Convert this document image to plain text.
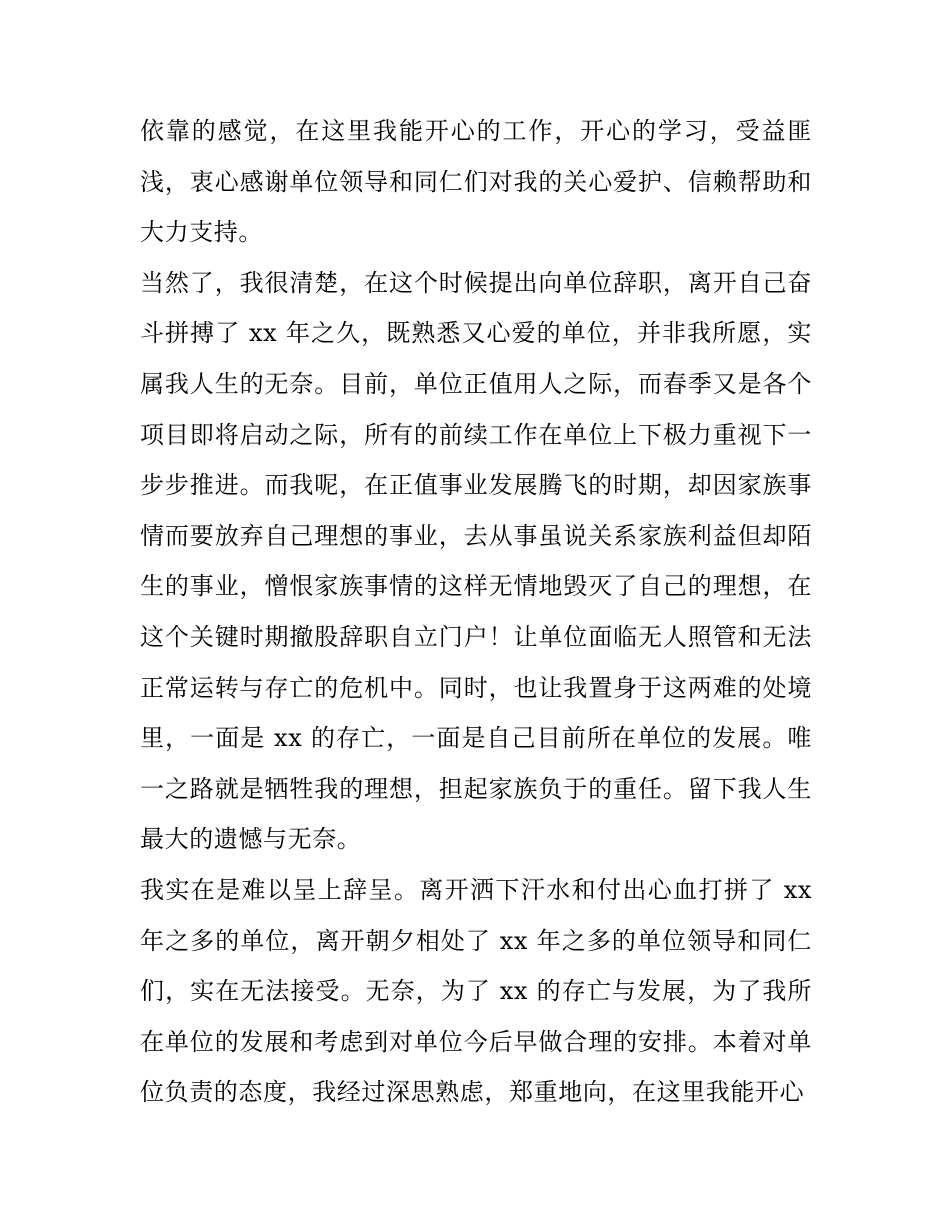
依靠的感觉，在这里我能开心的工作，开心的学习，受益匪浅，衷心感谢单位领导和同仁们对我的关心爱护、信赖帮助和大力支持。

当然了，我很清楚，在这个时候提出向单位辞职，离开自己奋斗拼搏了 xx 年之久，既熟悉又心爱的单位，并非我所愿，实属我人生的无奈。目前，单位正值用人之际，而春季又是各个项目即将启动之际，所有的前续工作在单位上下极力重视下一步步推进。而我呢，在正值事业发展腾飞的时期，却因家族事情而要放弃自己理想的事业，去从事虽说关系家族利益但却陌生的事业，憎恨家族事情的这样无情地毁灭了自己的理想，在这个关键时期撤股辞职自立门户！让单位面临无人照管和无法正常运转与存亡的危机中。同时，也让我置身于这两难的处境里，一面是 xx 的存亡，一面是自己目前所在单位的发展。唯一之路就是牺牲我的理想，担起家族负于的重任。留下我人生最大的遗憾与无奈。

我实在是难以呈上辞呈。离开洒下汗水和付出心血打拼了 xx 年之多的单位，离开朝夕相处了 xx 年之多的单位领导和同仁们，实在无法接受。无奈，为了 xx 的存亡与发展，为了我所在单位的发展和考虑到对单位今后早做合理的安排。本着对单位负责的态度，我经过深思熟虑，郑重地向，在这里我能开心
